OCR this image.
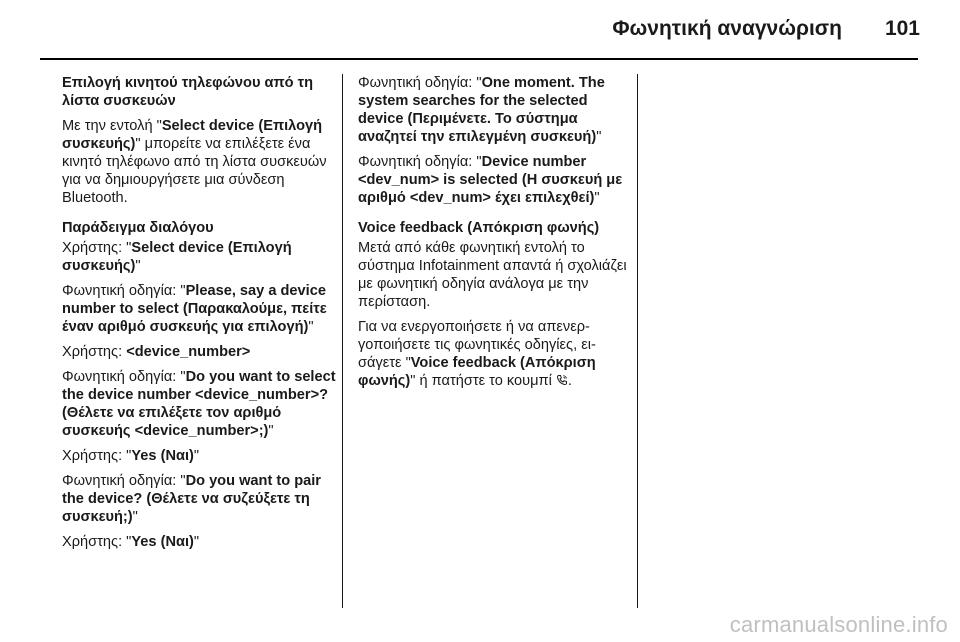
Φωνητική αναγνώριση 101

Επιλογή κινητού τηλεφώνου από τη λίστα συσκευών

Με την εντολή "Select device (Επιλογή συσκευής)" μπορείτε να επιλέξετε ένα κινητό τηλέφωνο από τη λίστα συσκευών για να δημιουργήσετε μια σύνδεση Bluetooth.

Παράδειγμα διαλόγου

Χρήστης: "Select device (Επιλογή συσκευής)"

Φωνητική οδηγία: "Please, say a device number to select (Παρακαλούμε, πείτε έναν αριθμό συσκευής για επιλογή)"

Χρήστης: <device_number>

Φωνητική οδηγία: "Do you want to select the device number <device_number>? (Θέλετε να επιλέξετε τον αριθμό συσκευής <device_number>;)"

Χρήστης: "Yes (Ναι)"

Φωνητική οδηγία: "Do you want to pair the device? (Θέλετε να συζεύξετε τη συσκευή;)"

Χρήστης: "Yes (Ναι)"

Φωνητική οδηγία: "One moment. The system searches for the selected device (Περιμένετε. Το σύστημα αναζητεί την επιλεγμένη συσκευή)"

Φωνητική οδηγία: "Device number <dev_num> is selected (Η συσκευή με αριθμό <dev_num> έχει επιλεχθεί)"

Voice feedback (Απόκριση φωνής)

Μετά από κάθε φωνητική εντολή το σύστημα Infotainment απαντά ή σχολιάζει με φωνητική οδηγία ανάλογα με την περίσταση.

Για να ενεργοποιήσετε ή να απενεργοποιήσετε τις φωνητικές οδηγίες, εισάγετε "Voice feedback (Απόκριση φωνής)" ή πατήστε το κουμπί .

carmanualsonline.info
